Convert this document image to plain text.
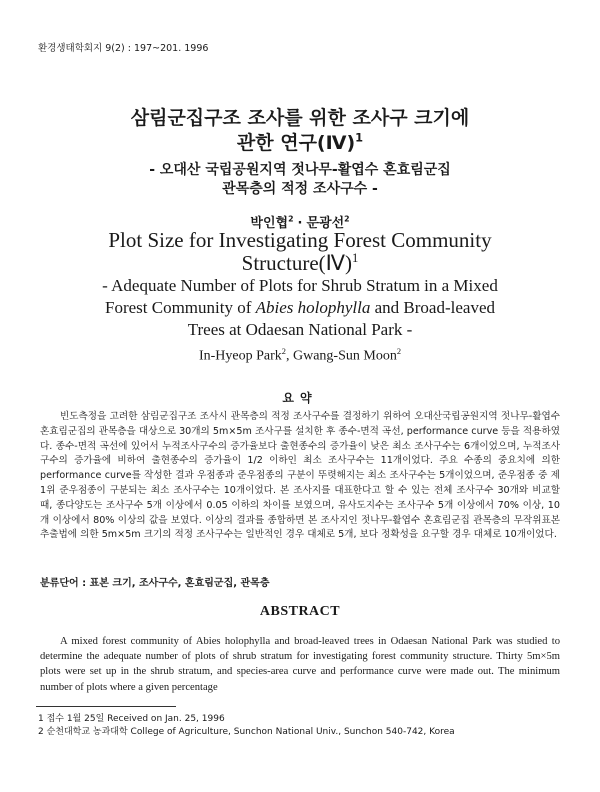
환경생태학회지 9(2) : 197~201. 1996
삼림군집구조 조사를 위한 조사구 크기에
관한 연구(Ⅳ)$^1$
- 오대산 국립공원지역 젓나무-활엽수 혼효림군집
관목층의 적정 조사구수 -
박인협$^2$ · 문광선$^2$
Plot Size for Investigating Forest Community
Structure(Ⅳ)$^1$
- Adequate Number of Plots for Shrub Stratum in a Mixed
Forest Community of Abies holophylla and Broad-leaved
Trees at Odaesan National Park -
In-Hyeop Park$^2$, Gwang-Sun Moon$^2$
요약
빈도측정을 고려한 삼림군집구조 조사시 관목층의 적정 조사구수를 결정하기 위하여 오대산국립공원지역 젓나무-활엽수 혼효림군집의 관목층을 대상으로 30개의 5m×5m 조사구를 설치한 후 종수-면적 곡선, performance curve 등을 적용하였다. 종수-면적 곡선에 있어서 누적조사구수의 증가율보다 출현종수의 증가율이 낮은 최소 조사구수는 6개이었으며, 누적조사구수의 증가율에 비하여 출현종수의 증가율이 1/2 이하인 최소 조사구수는 11개이었다. 주요 수종의 중요치에 의한 performance curve를 작성한 결과 우점종과 준우점종의 구분이 뚜렷해지는 최소 조사구수는 5개이었으며, 준우점종 중 제 1위 준우점종이 구분되는 최소 조사구수는 10개이었다. 본 조사지를 대표한다고 할 수 있는 전체 조사구수 30개와 비교할 때, 종다양도는 조사구수 5개 이상에서 0.05 이하의 차이를 보였으며, 유사도지수는 조사구수 5개 이상에서 70% 이상, 10개 이상에서 80% 이상의 값을 보였다. 이상의 결과를 종합하면 본 조사지인 젓나무-활엽수 혼효림군집 관목층의 무작위표본추출법에 의한 5m×5m 크기의 적정 조사구수는 일반적인 경우 대체로 5개, 보다 정확성을 요구할 경우 대체로 10개이었다.
분류단어 : 표본 크기, 조사구수, 혼효림군집, 관목층
ABSTRACT
A mixed forest community of Abies holophylla and broad-leaved trees in Odaesan National Park was studied to determine the adequate number of plots of shrub stratum for investigating forest community structure. Thirty 5m×5m plots were set up in the shrub stratum, and species-area curve and performance curve were made out. The minimum number of plots where a given percentage
1 접수 1월 25일 Received on Jan. 25, 1996
2 순천대학교 농과대학 College of Agriculture, Sunchon National Univ., Sunchon 540-742, Korea
